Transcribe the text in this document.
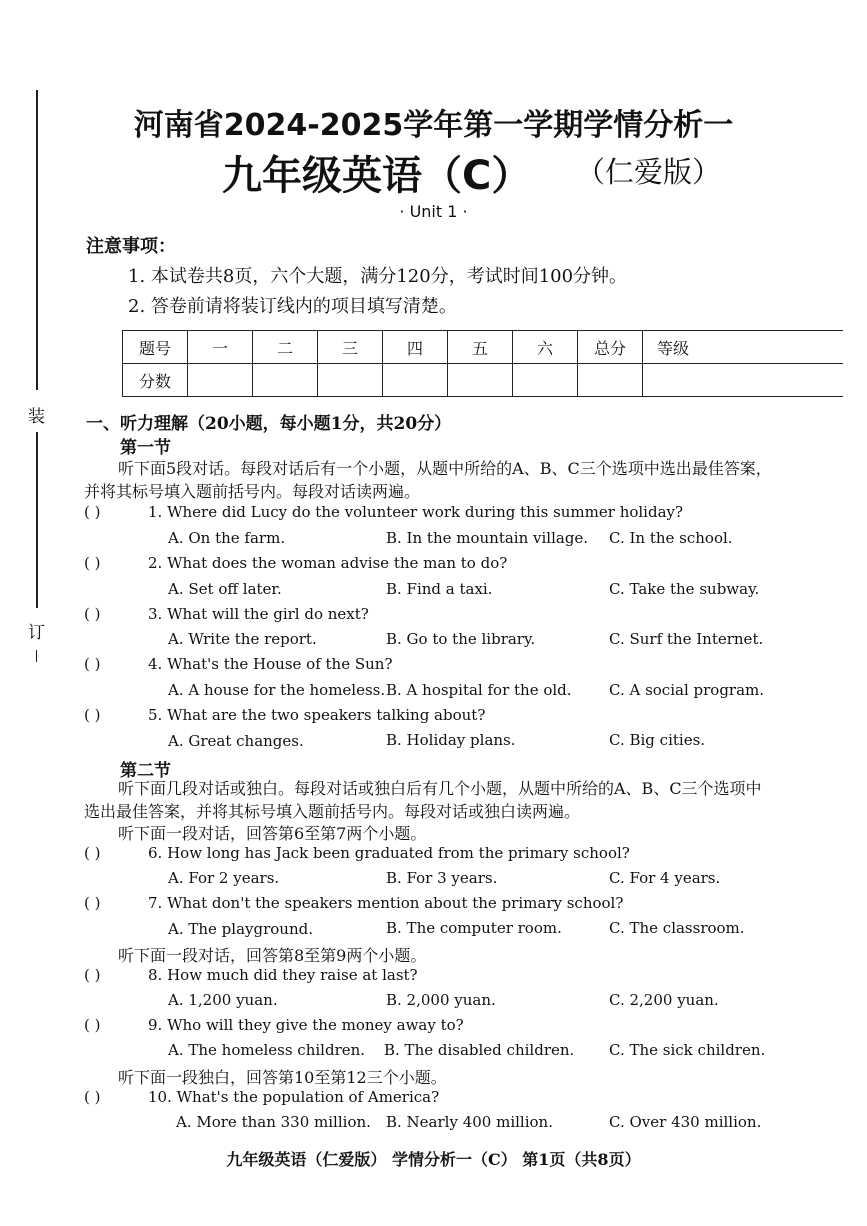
装
订
河南省2024-2025学年第一学期学情分析一
九年级英语（C） （仁爱版）
· Unit 1 ·
注意事项：
1. 本试卷共8页，六个大题，满分120分，考试时间100分钟。
2. 答卷前请将装订线内的项目填写清楚。
题号	一	二	三	四	五	六	总分	等级
分数								
一、听力理解（20小题，每小题1分，共20分）
第一节
听下面5段对话。每段对话后有一个小题，从题中所给的A、B、C三个选项中选出最佳答案，
并将其标号填入题前括号内。每段对话读两遍。
( )	1. Where did Lucy do the volunteer work during this summer holiday?
A. On the farm.	B. In the mountain village. C. In the school.
( )	2. What does the woman advise the man to do?
A. Set off later.	B. Find a taxi.	C. Take the subway.
( )	3. What will the girl do next?
A. Write the report.	B. Go to the library.	C. Surf the Internet.
( )	4. What's the House of the Sun?
A. A house for the homeless. B. A hospital for the old. C. A social program.
( )	5. What are the two speakers talking about?
A. Great changes.	B. Holiday plans.	C. Big cities.
第二节
听下面几段对话或独白。每段对话或独白后有几个小题，从题中所给的A、B、C三个选项中
选出最佳答案，并将其标号填入题前括号内。每段对话或独白读两遍。
听下面一段对话，回答第6至第7两个小题。
( )	6. How long has Jack been graduated from the primary school?
A. For 2 years.	B. For 3 years.	C. For 4 years.
( )	7. What don't the speakers mention about the primary school?
A. The playground.	B. The computer room.	C. The classroom.
听下面一段对话，回答第8至第9两个小题。
( )	8. How much did they raise at last?
A. 1,200 yuan.	B. 2,000 yuan.	C. 2,200 yuan.
( )	9. Who will they give the money away to?
A. The homeless children. B. The disabled children. C. The sick children.
听下面一段独白，回答第10至第12三个小题。
( )	10. What's the population of America?
A. More than 330 million. B. Nearly 400 million.	C. Over 430 million.
九年级英语（仁爱版） 学情分析一（C） 第1页（共8页）
